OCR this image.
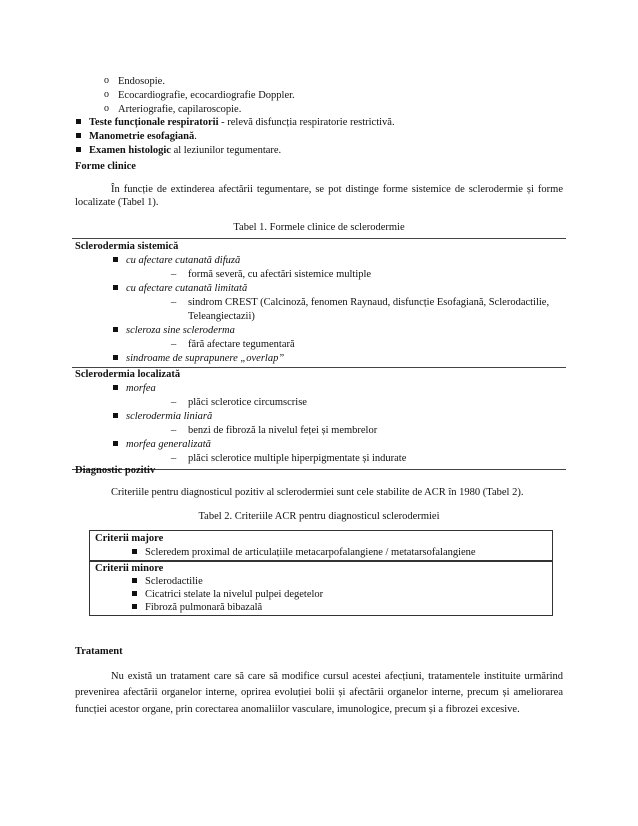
o Endosopie.
o Ecocardiografie, ecocardiografie Doppler.
o Arteriografie, capilaroscopie.
Teste funcționale respiratorii - relevă disfuncția respiratorie restrictivă.
Manometrie esofagiană.
Examen histologic al leziunilor tegumentare.
Forme clinice
În funcție de extinderea afectării tegumentare, se pot distinge forme sistemice de sclerodermie și forme localizate (Tabel 1).
Tabel 1. Formele clinice de sclerodermie
Sclerodermia sistemică
cu afectare cutanată difuză
– formă severă, cu afectări sistemice multiple
cu afectare cutanată limitată
– sindrom CREST (Calcinoză, fenomen Raynaud, disfuncție Esofagiană, Sclerodactilie,
Teleangiectazii)
scleroza sine sclerodermа
– fără afectare tegumentară
sindroame de suprapunere „overlap”
Sclerodermia localizată
morfea
– plăci sclerotice circumscrise
sclerodermia liniară
– benzi de fibroză la nivelul feței și membrelor
morfea generalizată
– plăci sclerotice multiple hiperpigmentate și indurate
Diagnostic pozitiv
Criteriile pentru diagnosticul pozitiv al sclerodermiei sunt cele stabilite de ACR în 1980 (Tabel 2).
Tabel 2. Criteriile ACR pentru diagnosticul sclerodermiei
Criterii majore
Scleredem proximal de articulațiile metacarpofalangiene / metatarsofalangiene
Criterii minore
Sclerodactilie
Cicatrici stelate la nivelul pulpei degetelor
Fibroză pulmonară bibazală
Tratament
Nu există un tratament care să care să modifice cursul acestei afecțiuni, tratamentele instituite urmărind prevenirea afectării organelor interne, oprirea evoluției bolii și afectării organelor interne, precum și ameliorarea funcției acestor organe, prin corectarea anomaliilor vasculare, imunologice, precum și a fibrozei excesive.
